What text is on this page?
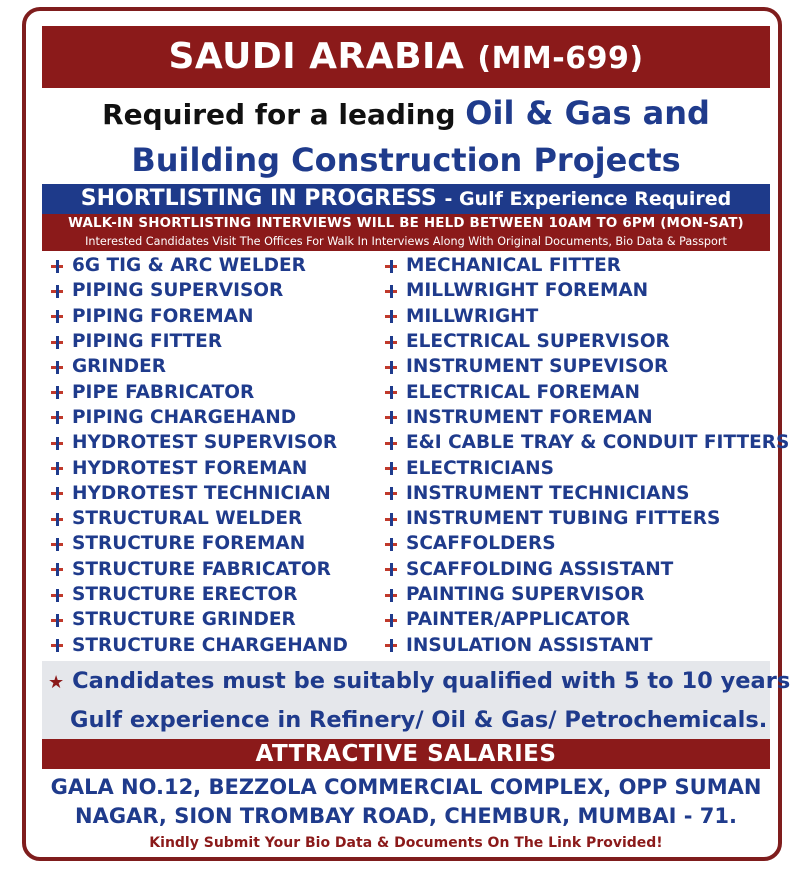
SAUDI ARABIA (MM-699)
Required for a leading Oil & Gas and
Building Construction Projects
SHORTLISTING IN PROGRESS - Gulf Experience Required
WALK-IN SHORTLISTING INTERVIEWS WILL BE HELD BETWEEN 10AM TO 6PM (MON-SAT)
Interested Candidates Visit The Offices For Walk In Interviews Along With Original Documents, Bio Data & Passport
6G TIG & ARC WELDER
PIPING SUPERVISOR
PIPING FOREMAN
PIPING FITTER
GRINDER
PIPE FABRICATOR
PIPING CHARGEHAND
HYDROTEST SUPERVISOR
HYDROTEST FOREMAN
HYDROTEST TECHNICIAN
STRUCTURAL WELDER
STRUCTURE FOREMAN
STRUCTURE FABRICATOR
STRUCTURE ERECTOR
STRUCTURE GRINDER
STRUCTURE CHARGEHAND
MECHANICAL FITTER
MILLWRIGHT FOREMAN
MILLWRIGHT
ELECTRICAL SUPERVISOR
INSTRUMENT SUPEVISOR
ELECTRICAL FOREMAN
INSTRUMENT FOREMAN
E&I CABLE TRAY & CONDUIT FITTERS
ELECTRICIANS
INSTRUMENT TECHNICIANS
INSTRUMENT TUBING FITTERS
SCAFFOLDERS
SCAFFOLDING ASSISTANT
PAINTING SUPERVISOR
PAINTER/APPLICATOR
INSULATION ASSISTANT
★ Candidates must be suitably qualified with 5 to 10 years
Gulf experience in Refinery/ Oil & Gas/ Petrochemicals.
ATTRACTIVE SALARIES
GALA NO.12, BEZZOLA COMMERCIAL COMPLEX, OPP SUMAN
NAGAR, SION TROMBAY ROAD, CHEMBUR, MUMBAI - 71.
Kindly Submit Your Bio Data & Documents On The Link Provided!
